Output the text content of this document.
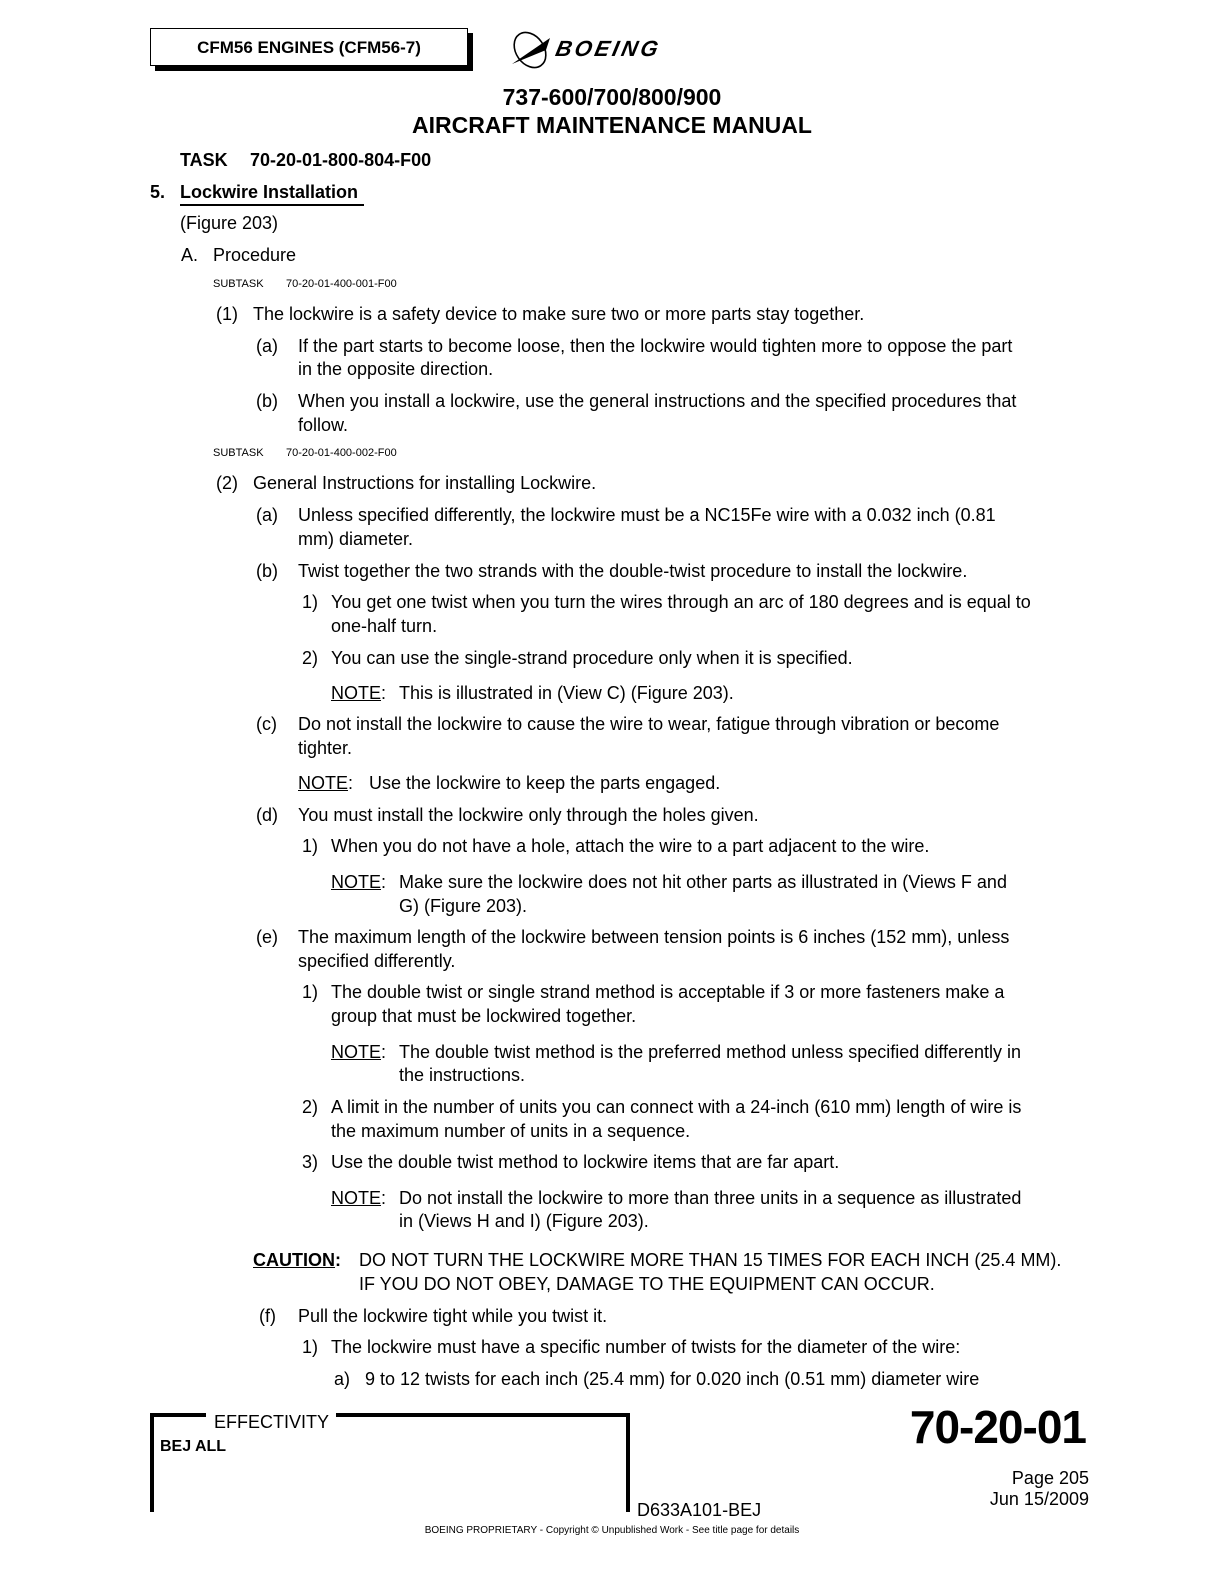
CFM56 ENGINES (CFM56-7)	BOEING
737-600/700/800/900
AIRCRAFT MAINTENANCE MANUAL
TASK 70-20-01-800-804-F00
5. Lockwire Installation
(Figure 203)
A. Procedure
SUBTASK 70-20-01-400-001-F00
(1) The lockwire is a safety device to make sure two or more parts stay together.
(a) If the part starts to become loose, then the lockwire would tighten more to oppose the part
in the opposite direction.
(b) When you install a lockwire, use the general instructions and the specified procedures that
follow.
SUBTASK 70-20-01-400-002-F00
(2) General Instructions for installing Lockwire.
(a) Unless specified differently, the lockwire must be a NC15Fe wire with a 0.032 inch (0.81
mm) diameter.
(b) Twist together the two strands with the double-twist procedure to install the lockwire.
1) You get one twist when you turn the wires through an arc of 180 degrees and is equal to
one-half turn.
2) You can use the single-strand procedure only when it is specified.
NOTE: This is illustrated in (View C) (Figure 203).
(c) Do not install the lockwire to cause the wire to wear, fatigue through vibration or become
tighter.
NOTE: Use the lockwire to keep the parts engaged.
(d) You must install the lockwire only through the holes given.
1) When you do not have a hole, attach the wire to a part adjacent to the wire.
NOTE: Make sure the lockwire does not hit other parts as illustrated in (Views F and
G) (Figure 203).
(e) The maximum length of the lockwire between tension points is 6 inches (152 mm), unless
specified differently.
1) The double twist or single strand method is acceptable if 3 or more fasteners make a
group that must be lockwired together.
NOTE: The double twist method is the preferred method unless specified differently in
the instructions.
2) A limit in the number of units you can connect with a 24-inch (610 mm) length of wire is
the maximum number of units in a sequence.
3) Use the double twist method to lockwire items that are far apart.
NOTE: Do not install the lockwire to more than three units in a sequence as illustrated
in (Views H and I) (Figure 203).
CAUTION: DO NOT TURN THE LOCKWIRE MORE THAN 15 TIMES FOR EACH INCH (25.4 MM).
IF YOU DO NOT OBEY, DAMAGE TO THE EQUIPMENT CAN OCCUR.
(f) Pull the lockwire tight while you twist it.
1) The lockwire must have a specific number of twists for the diameter of the wire:
a) 9 to 12 twists for each inch (25.4 mm) for 0.020 inch (0.51 mm) diameter wire
EFFECTIVITY
BEJ ALL	70-20-01
Page 205
Jun 15/2009
D633A101-BEJ
BOEING PROPRIETARY - Copyright © Unpublished Work - See title page for details
